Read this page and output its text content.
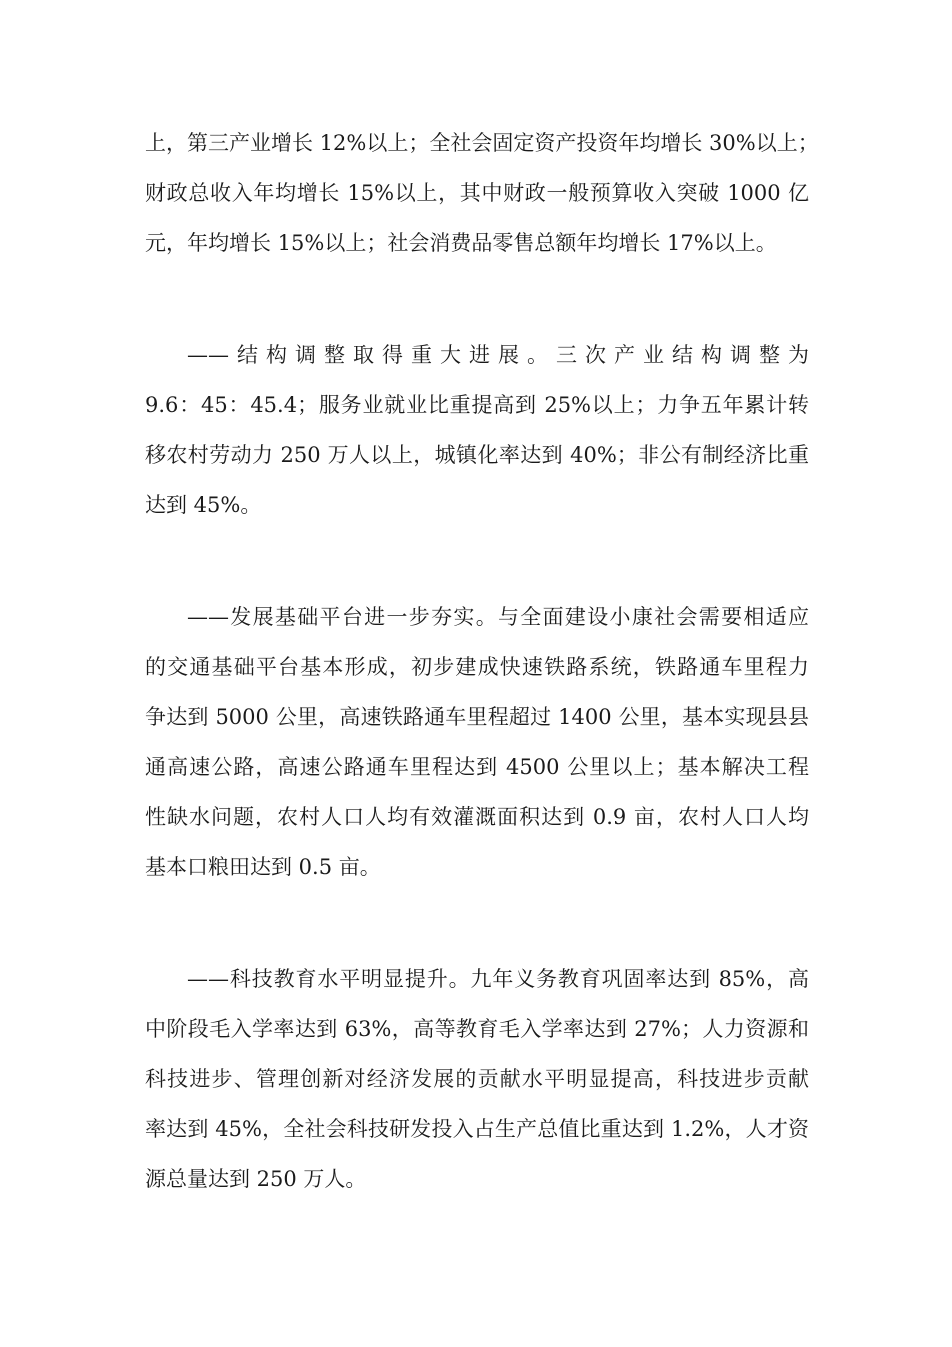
上，第三产业增长 12%以上；全社会固定资产投资年均增长 30%以上；
财政总收入年均增长 15%以上，其中财政一般预算收入突破 1000 亿
元，年均增长 15%以上；社会消费品零售总额年均增长 17%以上。

——结构调整取得重大进展。三次产业结构调整为
9.6：45：45.4；服务业就业比重提高到 25%以上；力争五年累计转
移农村劳动力 250 万人以上，城镇化率达到 40%；非公有制经济比重
达到 45%。

——发展基础平台进一步夯实。与全面建设小康社会需要相适应
的交通基础平台基本形成，初步建成快速铁路系统，铁路通车里程力
争达到 5000 公里，高速铁路通车里程超过 1400 公里，基本实现县县
通高速公路，高速公路通车里程达到 4500 公里以上；基本解决工程
性缺水问题，农村人口人均有效灌溉面积达到 0.9 亩，农村人口人均
基本口粮田达到 0.5 亩。

——科技教育水平明显提升。九年义务教育巩固率达到 85%，高
中阶段毛入学率达到 63%，高等教育毛入学率达到 27%；人力资源和
科技进步、管理创新对经济发展的贡献水平明显提高，科技进步贡献
率达到 45%，全社会科技研发投入占生产总值比重达到 1.2%，人才资
源总量达到 250 万人。
